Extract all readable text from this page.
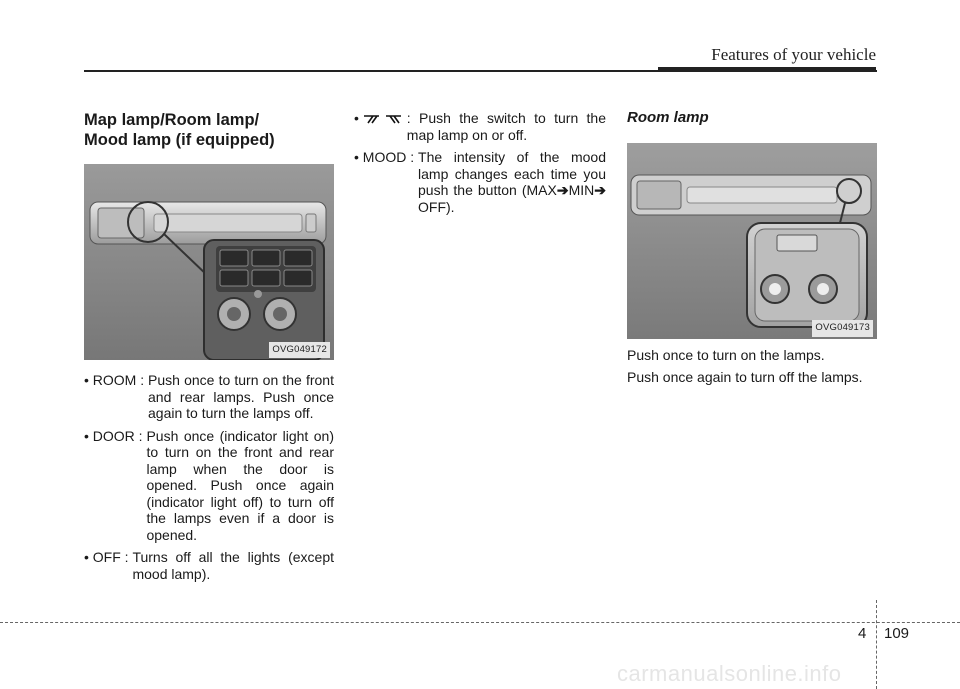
Features of your vehicle
Map lamp/Room lamp/
Mood lamp (if equipped)
OVG049172
• ROOM : Push once to turn on the front and rear lamps. Push once again to turn the lamps off.
• DOOR : Push once (indicator light on) to turn on the front and rear lamp when the door is opened. Push once again (indicator light off) to turn off the lamps even if a door is opened.
• OFF : Turns off all the lights (except mood lamp).
•	: Push the switch to turn the map lamp on or off.
• MOOD : The intensity of the mood lamp changes each time you push the button (MAX➔MIN➔ OFF).
Room lamp
OVG049173

Push once to turn on the lamps.

Push once again to turn off the lamps.

4 109
carmanualsonline.info
